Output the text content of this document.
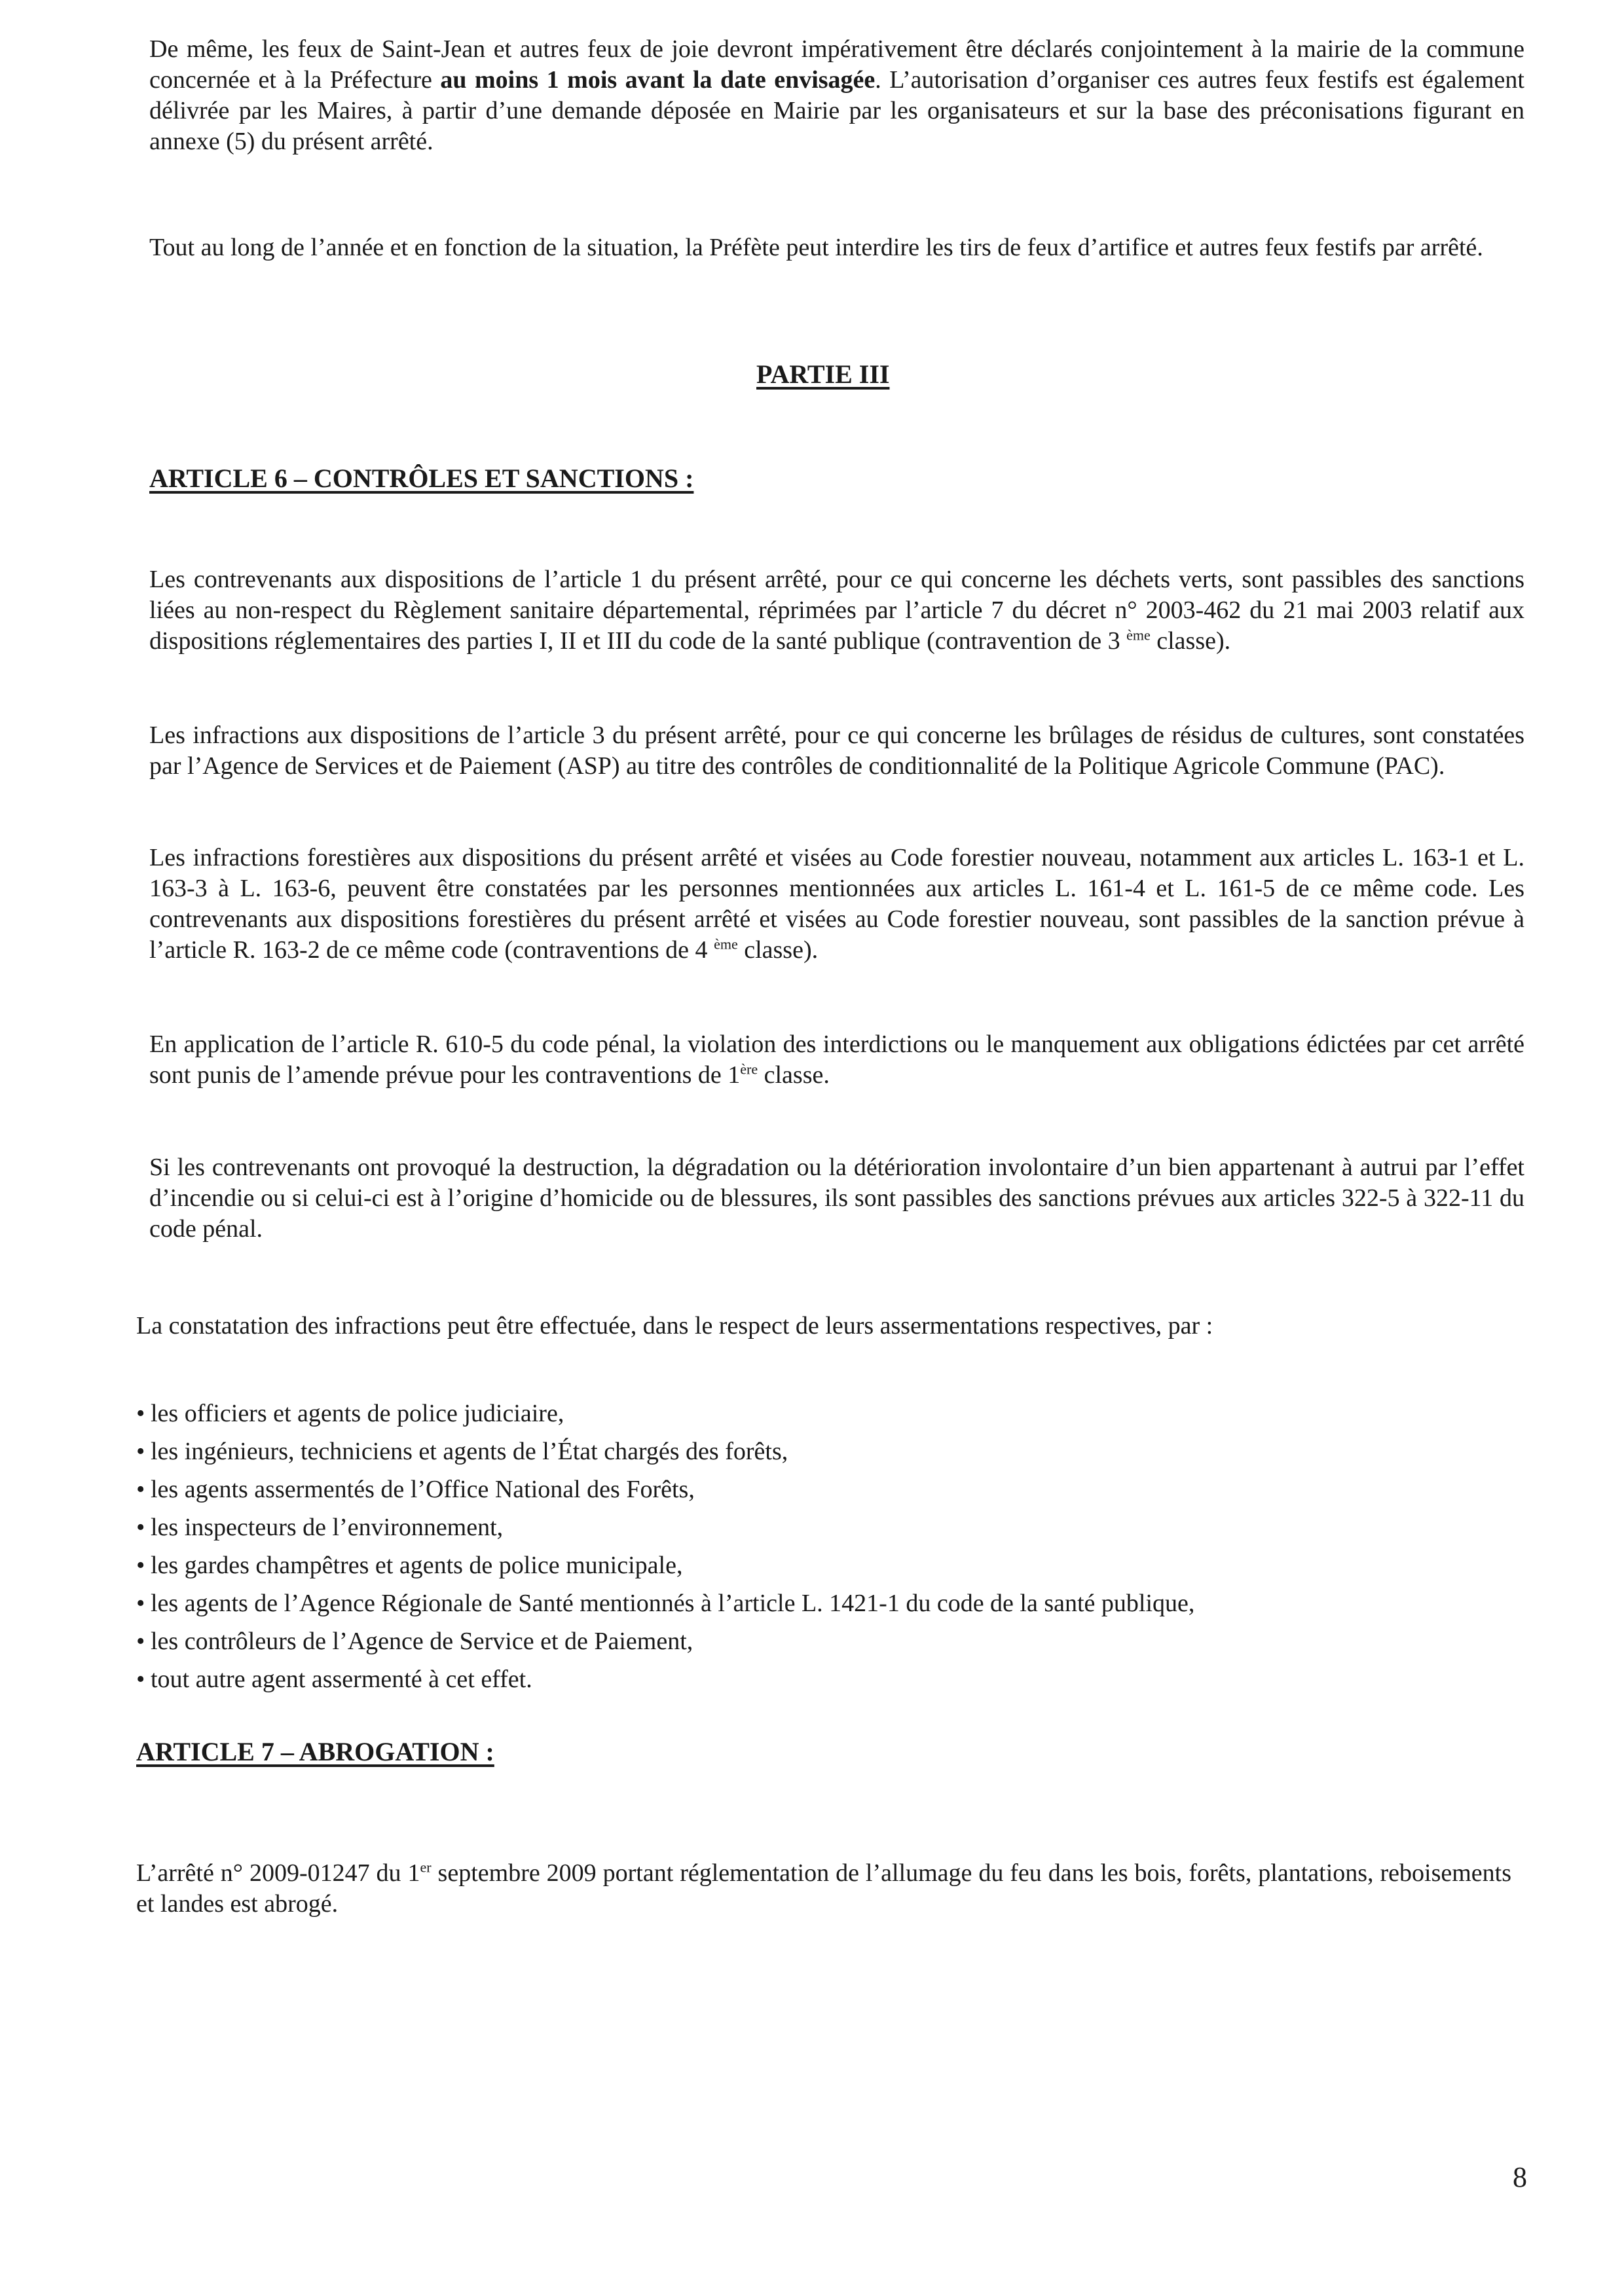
De même, les feux de Saint-Jean et autres feux de joie devront impérativement être déclarés conjointement à la mairie de la commune concernée et à la Préfecture au moins 1 mois avant la date envisagée. L’autorisation d’organiser ces autres feux festifs est également délivrée par les Maires, à partir d’une demande déposée en Mairie par les organisateurs et sur la base des préconisations figurant en annexe (5) du présent arrêté.

Tout au long de l’année et en fonction de la situation, la Préfète peut interdire les tirs de feux d’artifice et autres feux festifs par arrêté.

PARTIE III

ARTICLE 6 – CONTRÔLES ET SANCTIONS :

Les contrevenants aux dispositions de l’article 1 du présent arrêté, pour ce qui concerne les déchets verts, sont passibles des sanctions liées au non-respect du Règlement sanitaire départemental, réprimées par l’article 7 du décret n° 2003-462 du 21 mai 2003 relatif aux dispositions réglementaires des parties I, II et III du code de la santé publique (contravention de 3 $^{ème}$ classe).

Les infractions aux dispositions de l’article 3 du présent arrêté, pour ce qui concerne les brûlages de résidus de cultures, sont constatées par l’Agence de Services et de Paiement (ASP) au titre des contrôles de conditionnalité de la Politique Agricole Commune (PAC).

Les infractions forestières aux dispositions du présent arrêté et visées au Code forestier nouveau, notamment aux articles L. 163-1 et L. 163-3 à L. 163-6, peuvent être constatées par les personnes mentionnées aux articles L. 161-4 et L. 161-5 de ce même code. Les contrevenants aux dispositions forestières du présent arrêté et visées au Code forestier nouveau, sont passibles de la sanction prévue à l’article R. 163-2 de ce même code (contraventions de 4 $^{ème}$ classe).

En application de l’article R. 610-5 du code pénal, la violation des interdictions ou le manquement aux obligations édictées par cet arrêté sont punis de l’amende prévue pour les contraventions de 1ère classe.

Si les contrevenants ont provoqué la destruction, la dégradation ou la détérioration involontaire d’un bien appartenant à autrui par l’effet d’incendie ou si celui-ci est à l’origine d’homicide ou de blessures, ils sont passibles des sanctions prévues aux articles 322-5 à 322-11 du code pénal.

La constatation des infractions peut être effectuée, dans le respect de leurs assermentations respectives, par :

• les officiers et agents de police judiciaire,
• les ingénieurs, techniciens et agents de l’État chargés des forêts,
• les agents assermentés de l’Office National des Forêts,
• les inspecteurs de l’environnement,
• les gardes champêtres et agents de police municipale,
• les agents de l’Agence Régionale de Santé mentionnés à l’article L. 1421-1 du code de la santé publique,
• les contrôleurs de l’Agence de Service et de Paiement,
• tout autre agent assermenté à cet effet.

ARTICLE 7 – ABROGATION :

L’arrêté n° 2009-01247 du 1er septembre 2009 portant réglementation de l’allumage du feu dans les bois, forêts, plantations, reboisements et landes est abrogé.

8
